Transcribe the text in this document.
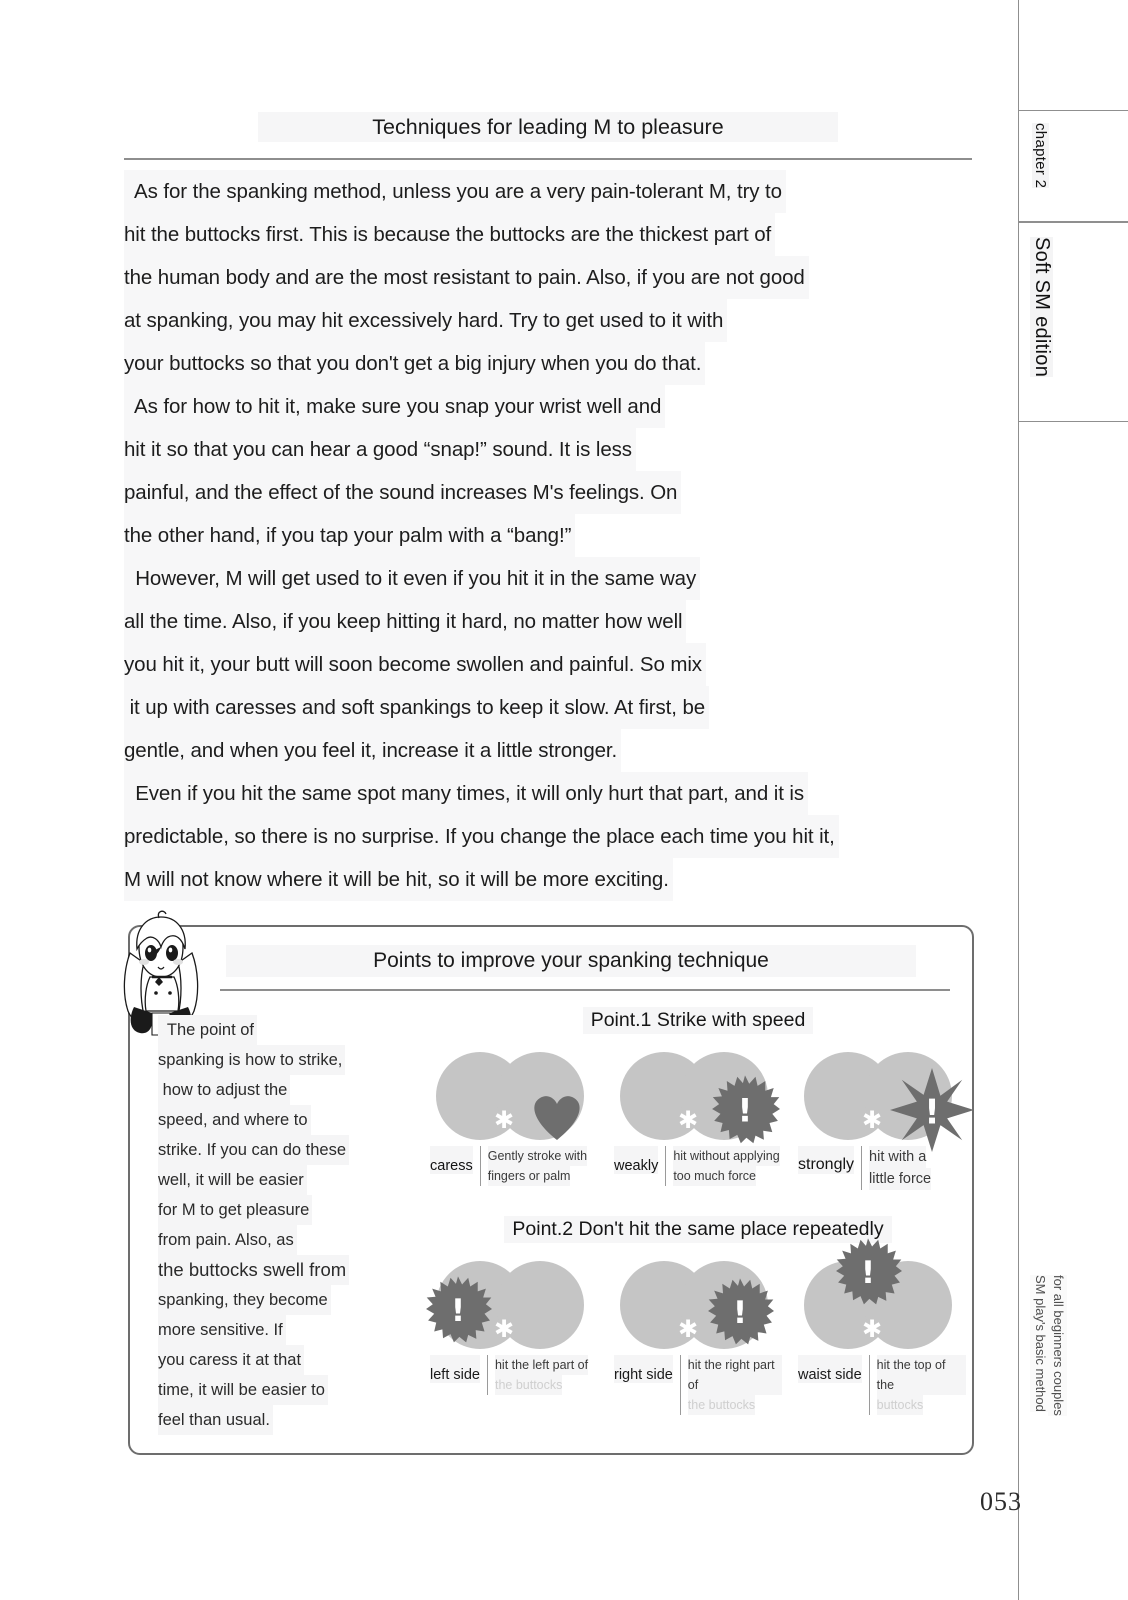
chapter 2
Soft SM edition
SM play's basic method for all beginners couples
Techniques for leading M to pleasure
As for the spanking method, unless you are a very pain-tolerant M, try to
hit the buttocks first. This is because the buttocks are the thickest part of
the human body and are the most resistant to pain. Also, if you are not good
at spanking, you may hit excessively hard. Try to get used to it with
your buttocks so that you don't get a big injury when you do that.
As for how to hit it, make sure you snap your wrist well and
hit it so that you can hear a good “snap!” sound. It is less
painful, and the effect of the sound increases M's feelings. On
the other hand, if you tap your palm with a “bang!”
However, M will get used to it even if you hit it in the same way
all the time. Also, if you keep hitting it hard, no matter how well
you hit it, your butt will soon become swollen and painful. So mix
it up with caresses and soft spankings to keep it slow. At first, be
gentle, and when you feel it, increase it a little stronger.
Even if you hit the same spot many times, it will only hurt that part, and it is
predictable, so there is no surprise. If you change the place each time you hit it,
M will not know where it will be hit, so it will be more exciting.
Points to improve your spanking technique
The point of
spanking is how to strike,
how to adjust the
speed, and where to
strike. If you can do these
well, it will be easier
for M to get pleasure
from pain. Also, as
the buttocks swell from
spanking, they become
more sensitive. If
you caress it at that
time, it will be easier to
feel than usual.
Point.1 Strike with speed
✱
caress
Gently stroke with
fingers or palm
✱ !
weakly
hit without applying
too much force
✱ !
strongly hit with a
little force
Point.2 Don't hit the same place repeatedly
✱
!
left side
hit the left part of
the buttocks
✱ !
right side
hit the right part of
the buttocks
✱
!
waist side
hit the top of the
buttocks
053
